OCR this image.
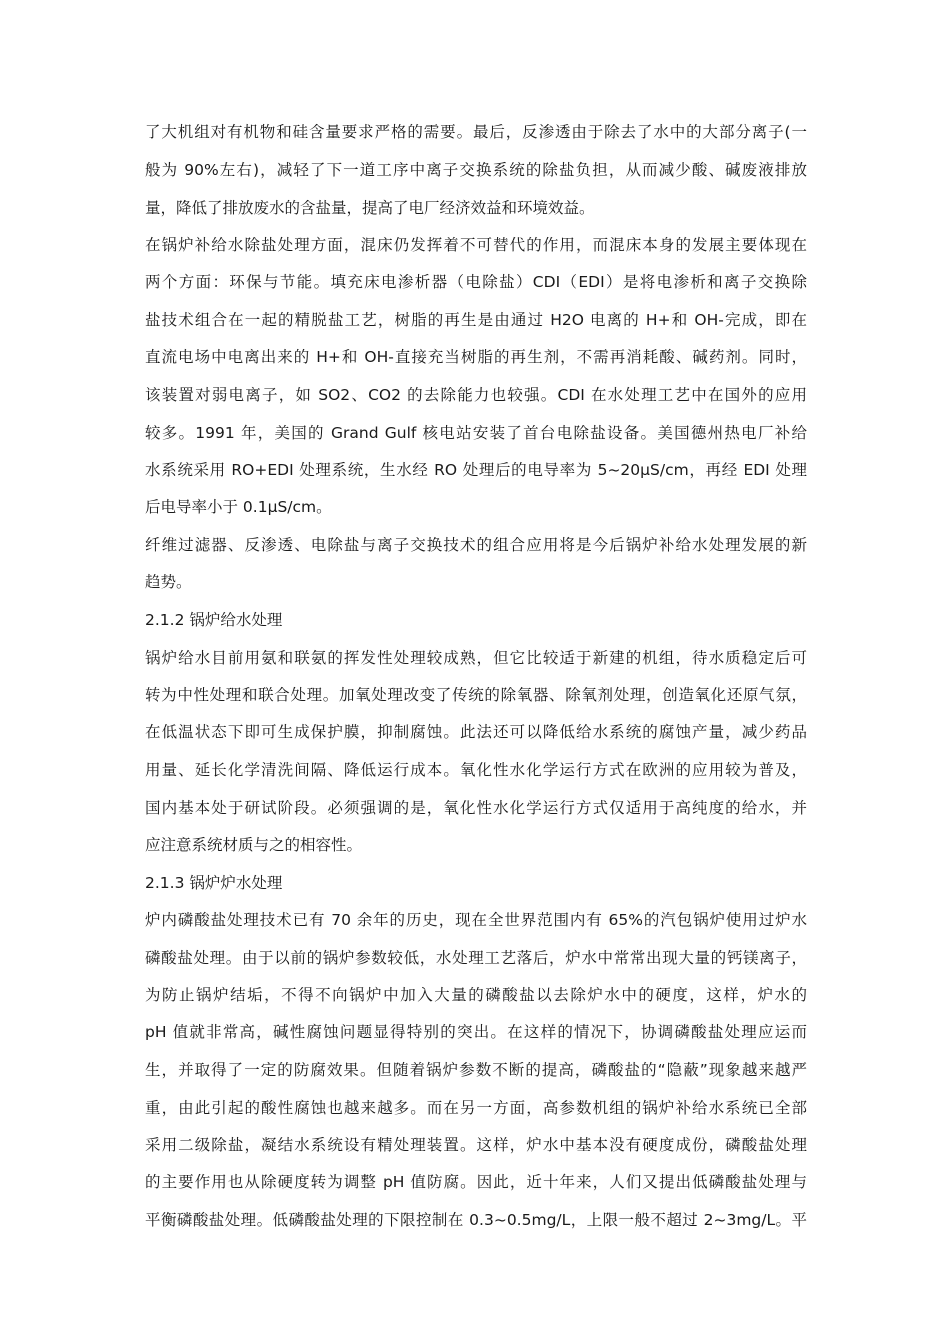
了大机组对有机物和硅含量要求严格的需要。最后，反渗透由于除去了水中的大部分离子(一
般为 90%左右)，减轻了下一道工序中离子交换系统的除盐负担，从而减少酸、碱废液排放
量，降低了排放废水的含盐量，提高了电厂经济效益和环境效益。
在锅炉补给水除盐处理方面，混床仍发挥着不可替代的作用，而混床本身的发展主要体现在
两个方面：环保与节能。填充床电渗析器（电除盐）CDI（EDI）是将电渗析和离子交换除
盐技术组合在一起的精脱盐工艺，树脂的再生是由通过 H2O 电离的 H+和 OH-完成，即在
直流电场中电离出来的 H+和 OH-直接充当树脂的再生剂，不需再消耗酸、碱药剂。同时，
该装置对弱电离子，如 SO2、CO2 的去除能力也较强。CDI 在水处理工艺中在国外的应用
较多。1991 年，美国的 Grand Gulf 核电站安装了首台电除盐设备。美国德州热电厂补给
水系统采用 RO+EDI 处理系统，生水经 RO 处理后的电导率为 5~20μS/cm，再经 EDI 处理
后电导率小于 0.1μS/cm。
纤维过滤器、反渗透、电除盐与离子交换技术的组合应用将是今后锅炉补给水处理发展的新
趋势。
2.1.2 锅炉给水处理
锅炉给水目前用氨和联氨的挥发性处理较成熟，但它比较适于新建的机组，待水质稳定后可
转为中性处理和联合处理。加氧处理改变了传统的除氧器、除氧剂处理，创造氧化还原气氛，
在低温状态下即可生成保护膜，抑制腐蚀。此法还可以降低给水系统的腐蚀产量，减少药品
用量、延长化学清洗间隔、降低运行成本。氧化性水化学运行方式在欧洲的应用较为普及，
国内基本处于研试阶段。必须强调的是，氧化性水化学运行方式仅适用于高纯度的给水，并
应注意系统材质与之的相容性。
2.1.3 锅炉炉水处理
炉内磷酸盐处理技术已有 70 余年的历史，现在全世界范围内有 65%的汽包锅炉使用过炉水
磷酸盐处理。由于以前的锅炉参数较低，水处理工艺落后，炉水中常常出现大量的钙镁离子，
为防止锅炉结垢，不得不向锅炉中加入大量的磷酸盐以去除炉水中的硬度，这样，炉水的
pH 值就非常高，碱性腐蚀问题显得特别的突出。在这样的情况下，协调磷酸盐处理应运而
生，并取得了一定的防腐效果。但随着锅炉参数不断的提高，磷酸盐的“隐蔽”现象越来越严
重，由此引起的酸性腐蚀也越来越多。而在另一方面，高参数机组的锅炉补给水系统已全部
采用二级除盐，凝结水系统设有精处理装置。这样，炉水中基本没有硬度成份，磷酸盐处理
的主要作用也从除硬度转为调整 pH 值防腐。因此，近十年来，人们又提出低磷酸盐处理与
平衡磷酸盐处理。低磷酸盐处理的下限控制在 0.3~0.5mg/L，上限一般不超过 2~3mg/L。平
